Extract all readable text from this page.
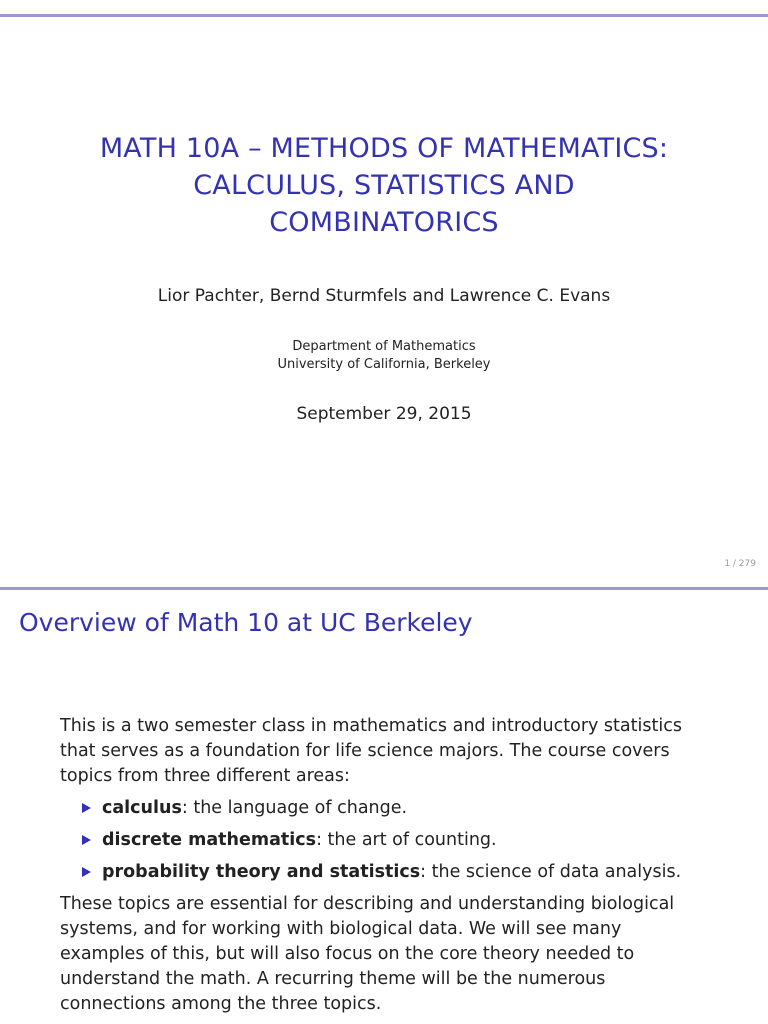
MATH 10A – METHODS OF MATHEMATICS:
CALCULUS, STATISTICS AND
COMBINATORICS
Lior Pachter, Bernd Sturmfels and Lawrence C. Evans
Department of Mathematics
University of California, Berkeley
September 29, 2015
1 / 279
Overview of Math 10 at UC Berkeley

This is a two semester class in mathematics and introductory statistics that serves as a foundation for life science majors. The course covers topics from three different areas:

calculus: the language of change.
discrete mathematics: the art of counting.
probability theory and statistics: the science of data analysis.

These topics are essential for describing and understanding biological systems, and for working with biological data. We will see many examples of this, but will also focus on the core theory needed to understand the math. A recurring theme will be the numerous connections among the three topics.
